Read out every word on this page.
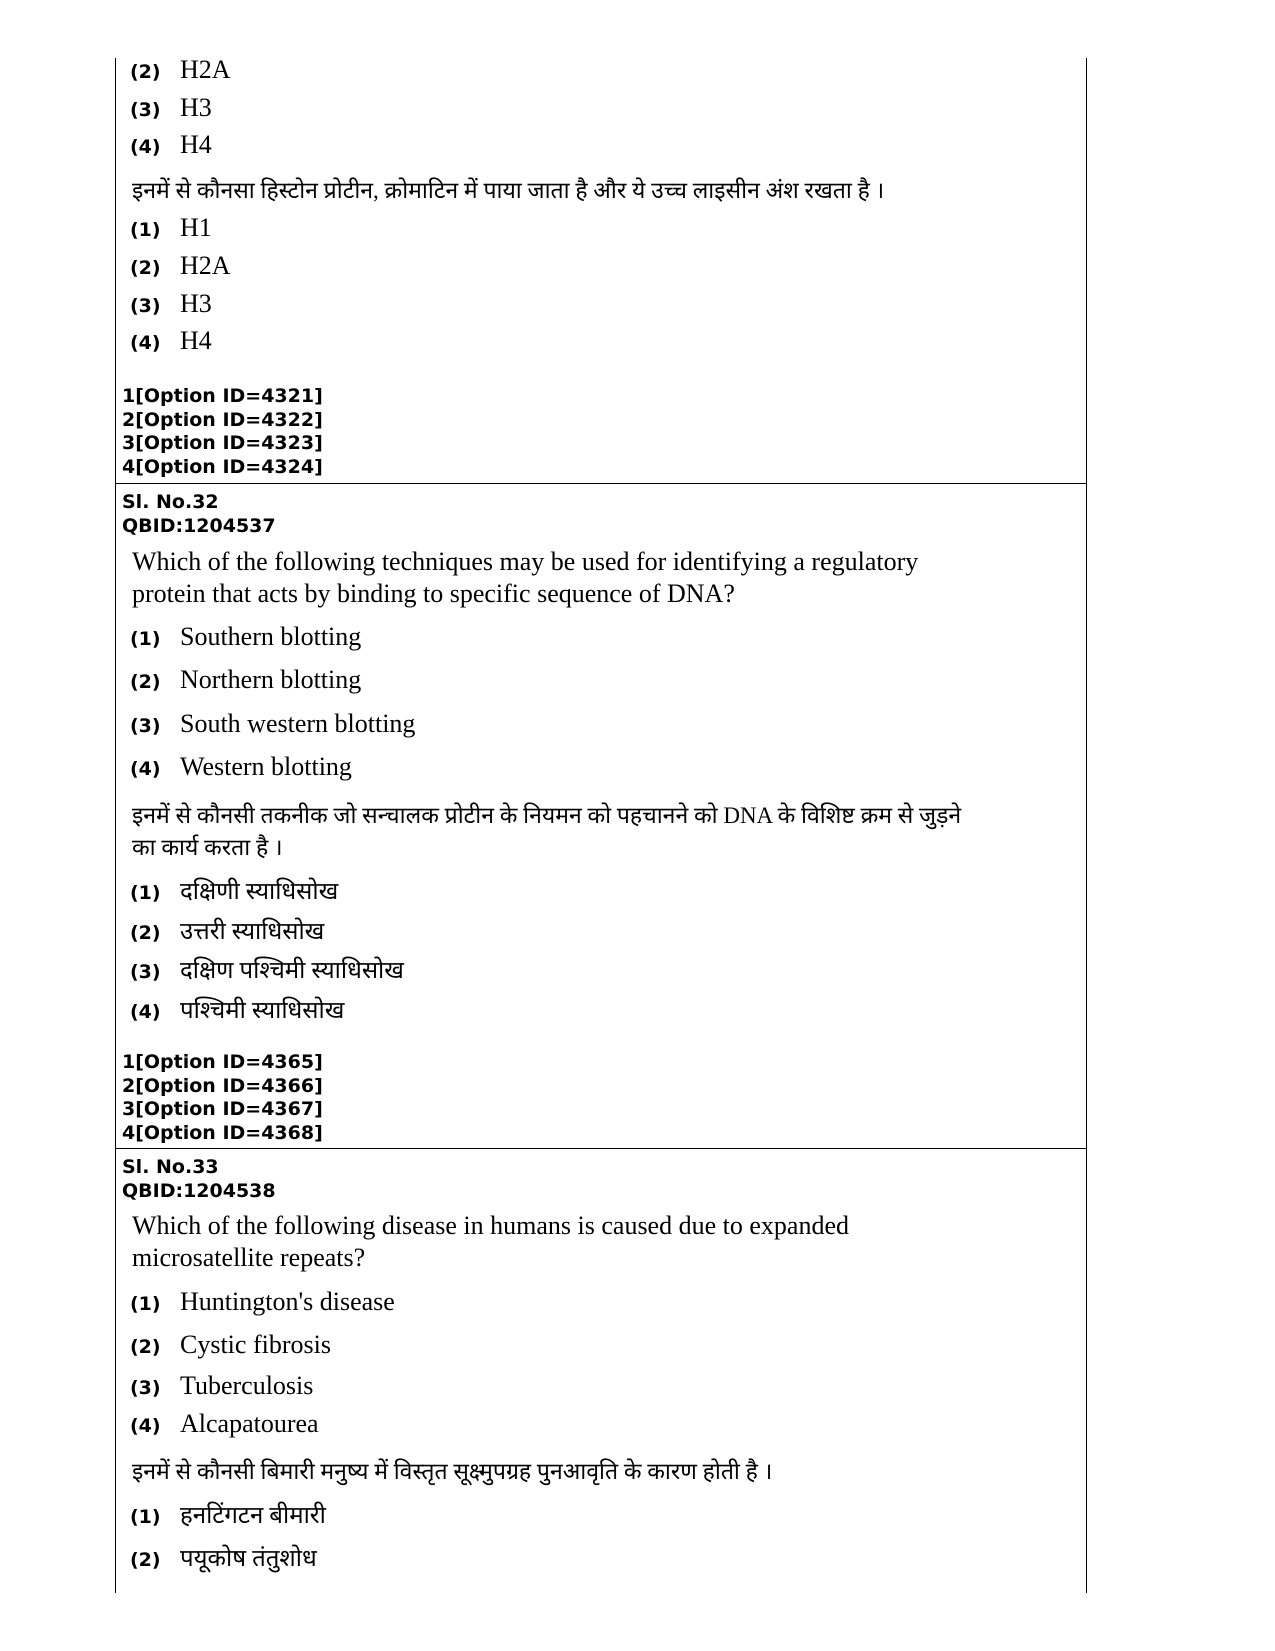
(2) H2A
(3) H3
(4) H4
इनमें से कौनसा हिस्टोन प्रोटीन, क्रोमाटिन में पाया जाता है और ये उच्च लाइसीन अंश रखता है ।
(1) H1
(2) H2A
(3) H3
(4) H4
1[Option ID=4321]
2[Option ID=4322]
3[Option ID=4323]
4[Option ID=4324]
Sl. No.32
QBID:1204537
Which of the following techniques may be used for identifying a regulatory
protein that acts by binding to specific sequence of DNA?
(1) Southern blotting
(2) Northern blotting
(3) South western blotting
(4) Western blotting
इनमें से कौनसी तकनीक जो सन्चालक प्रोटीन के नियमन को पहचानने को DNA के विशिष्ट क्रम से जुड़ने
का कार्य करता है ।
(1) दक्षिणी स्याधिसोख
(2) उत्तरी स्याधिसोख
(3) दक्षिण पश्चिमी स्याधिसोख
(4) पश्चिमी स्याधिसोख
1[Option ID=4365]
2[Option ID=4366]
3[Option ID=4367]
4[Option ID=4368]
Sl. No.33
QBID:1204538
Which of the following disease in humans is caused due to expanded
microsatellite repeats?
(1) Huntington's disease
(2) Cystic fibrosis
(3) Tuberculosis
(4) Alcapatourea
इनमें से कौनसी बिमारी मनुष्य में विस्तृत सूक्ष्मुपग्रह पुनआवृति के कारण होती है ।
(1) हनटिंगटन बीमारी
(2) पयूकोष तंतुशोध
